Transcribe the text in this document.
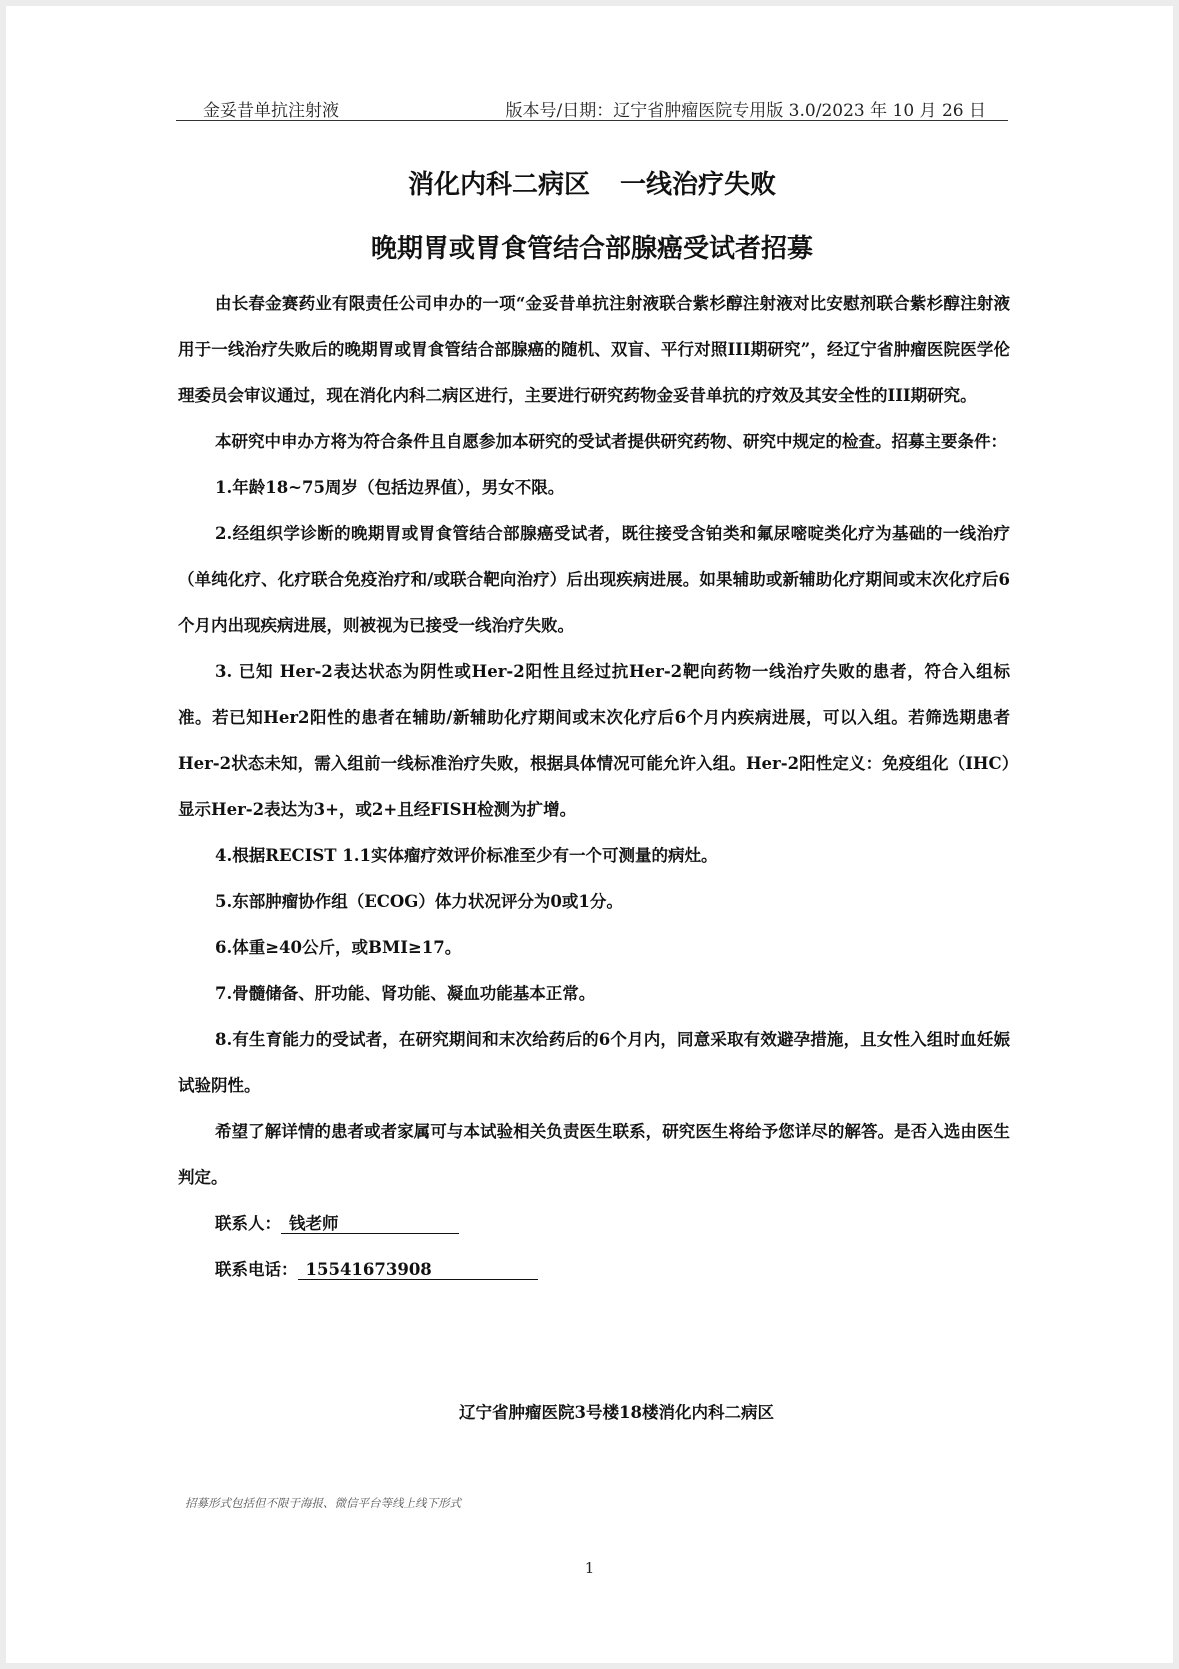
金妥昔单抗注射液	版本号/日期：辽宁省肿瘤医院专用版 3.0/2023 年 10 月 26 日
消化内科二病区 一线治疗失败
晚期胃或胃食管结合部腺癌受试者招募

由长春金赛药业有限责任公司申办的一项“金妥昔单抗注射液联合紫杉醇注射液对比安慰剂联合紫杉醇注射液用于一线治疗失败后的晚期胃或胃食管结合部腺癌的随机、双盲、平行对照III期研究”，经辽宁省肿瘤医院医学伦理委员会审议通过，现在消化内科二病区进行，主要进行研究药物金妥昔单抗的疗效及其安全性的III期研究。

本研究中申办方将为符合条件且自愿参加本研究的受试者提供研究药物、研究中规定的检查。招募主要条件：

1.年龄18~75周岁（包括边界值），男女不限。

2.经组织学诊断的晚期胃或胃食管结合部腺癌受试者，既往接受含铂类和氟尿嘧啶类化疗为基础的一线治疗（单纯化疗、化疗联合免疫治疗和/或联合靶向治疗）后出现疾病进展。如果辅助或新辅助化疗期间或末次化疗后6个月内出现疾病进展，则被视为已接受一线治疗失败。

3. 已知 Her-2表达状态为阴性或Her-2阳性且经过抗Her-2靶向药物一线治疗失败的患者，符合入组标准。若已知Her2阳性的患者在辅助/新辅助化疗期间或末次化疗后6个月内疾病进展，可以入组。若筛选期患者Her-2状态未知，需入组前一线标准治疗失败，根据具体情况可能允许入组。Her-2阳性定义：免疫组化（IHC）显示Her-2表达为3+，或2+且经FISH检测为扩增。

4.根据RECIST 1.1实体瘤疗效评价标准至少有一个可测量的病灶。

5.东部肿瘤协作组（ECOG）体力状况评分为0或1分。

6.体重≥40公斤，或BMI≥17。

7.骨髓储备、肝功能、肾功能、凝血功能基本正常。

8.有生育能力的受试者，在研究期间和末次给药后的6个月内，同意采取有效避孕措施，且女性入组时血妊娠试验阴性。

希望了解详情的患者或者家属可与本试验相关负责医生联系，研究医生将给予您详尽的解答。是否入选由医生判定。

联系人： 钱老师

联系电话： 15541673908

辽宁省肿瘤医院3号楼18楼消化内科二病区
招募形式包括但不限于海报、微信平台等线上线下形式
1
